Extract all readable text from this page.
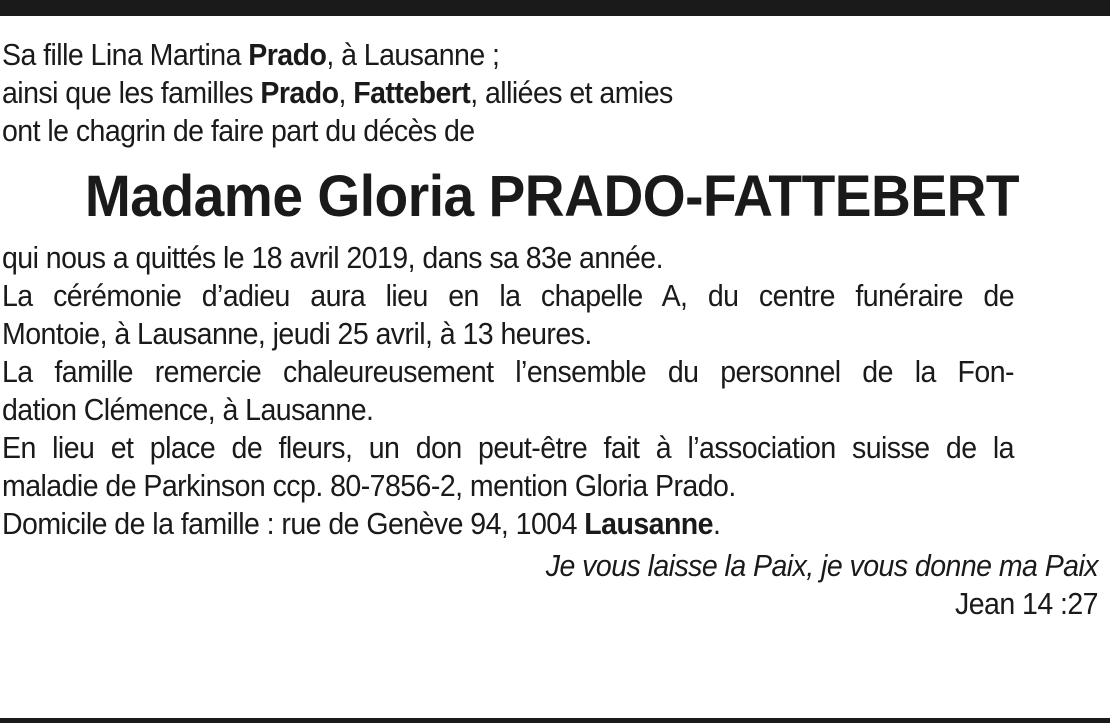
Sa fille Lina Martina Prado, à Lausanne ;
ainsi que les familles Prado, Fattebert, alliées et amies
ont le chagrin de faire part du décès de
Madame Gloria PRADO-FATTEBERT
qui nous a quittés le 18 avril 2019, dans sa 83e année.
La cérémonie d’adieu aura lieu en la chapelle A, du centre funéraire de
Montoie, à Lausanne, jeudi 25 avril, à 13 heures.
La famille remercie chaleureusement l’ensemble du personnel de la Fon-
dation Clémence, à Lausanne.
En lieu et place de fleurs, un don peut-être fait à l’association suisse de la
maladie de Parkinson ccp. 80-7856-2, mention Gloria Prado.
Domicile de la famille : rue de Genève 94, 1004 Lausanne.
Je vous laisse la Paix, je vous donne ma Paix
Jean 14 :27
